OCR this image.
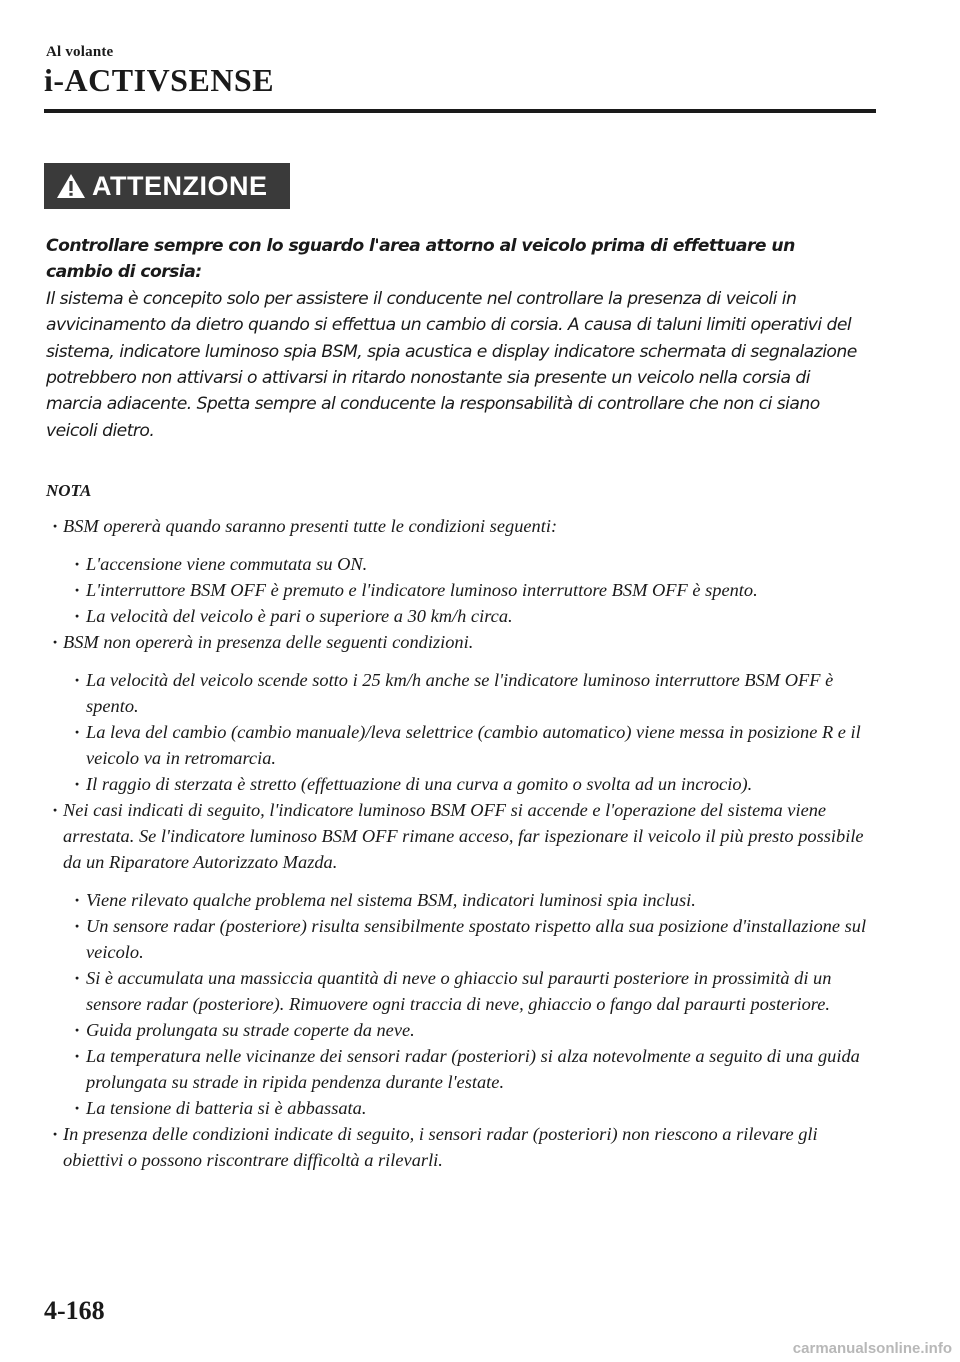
Al volante
i-ACTIVSENSE
ATTENZIONE
Controllare sempre con lo sguardo l'area attorno al veicolo prima di effettuare un cambio di corsia:
Il sistema è concepito solo per assistere il conducente nel controllare la presenza di veicoli in avvicinamento da dietro quando si effettua un cambio di corsia. A causa di taluni limiti operativi del sistema, indicatore luminoso spia BSM, spia acustica e display indicatore schermata di segnalazione potrebbero non attivarsi o attivarsi in ritardo nonostante sia presente un veicolo nella corsia di marcia adiacente. Spetta sempre al conducente la responsabilità di controllare che non ci siano veicoli dietro.
NOTA
· BSM opererà quando saranno presenti tutte le condizioni seguenti:
· L'accensione viene commutata su ON.
· L'interruttore BSM OFF è premuto e l'indicatore luminoso interruttore BSM OFF è spento.
· La velocità del veicolo è pari o superiore a 30 km/h circa.
· BSM non opererà in presenza delle seguenti condizioni.
· La velocità del veicolo scende sotto i 25 km/h anche se l'indicatore luminoso interruttore BSM OFF è spento.
· La leva del cambio (cambio manuale)/leva selettrice (cambio automatico) viene messa in posizione R e il veicolo va in retromarcia.
· Il raggio di sterzata è stretto (effettuazione di una curva a gomito o svolta ad un incrocio).
· Nei casi indicati di seguito, l'indicatore luminoso BSM OFF si accende e l'operazione del sistema viene arrestata. Se l'indicatore luminoso BSM OFF rimane acceso, far ispezionare il veicolo il più presto possibile da un Riparatore Autorizzato Mazda.
· Viene rilevato qualche problema nel sistema BSM, indicatori luminosi spia inclusi.
· Un sensore radar (posteriore) risulta sensibilmente spostato rispetto alla sua posizione d'installazione sul veicolo.
· Si è accumulata una massiccia quantità di neve o ghiaccio sul paraurti posteriore in prossimità di un sensore radar (posteriore). Rimuovere ogni traccia di neve, ghiaccio o fango dal paraurti posteriore.
· Guida prolungata su strade coperte da neve.
· La temperatura nelle vicinanze dei sensori radar (posteriori) si alza notevolmente a seguito di una guida prolungata su strade in ripida pendenza durante l'estate.
· La tensione di batteria si è abbassata.
· In presenza delle condizioni indicate di seguito, i sensori radar (posteriori) non riescono a rilevare gli obiettivi o possono riscontrare difficoltà a rilevarli.
4-168
carmanualsonline.info
